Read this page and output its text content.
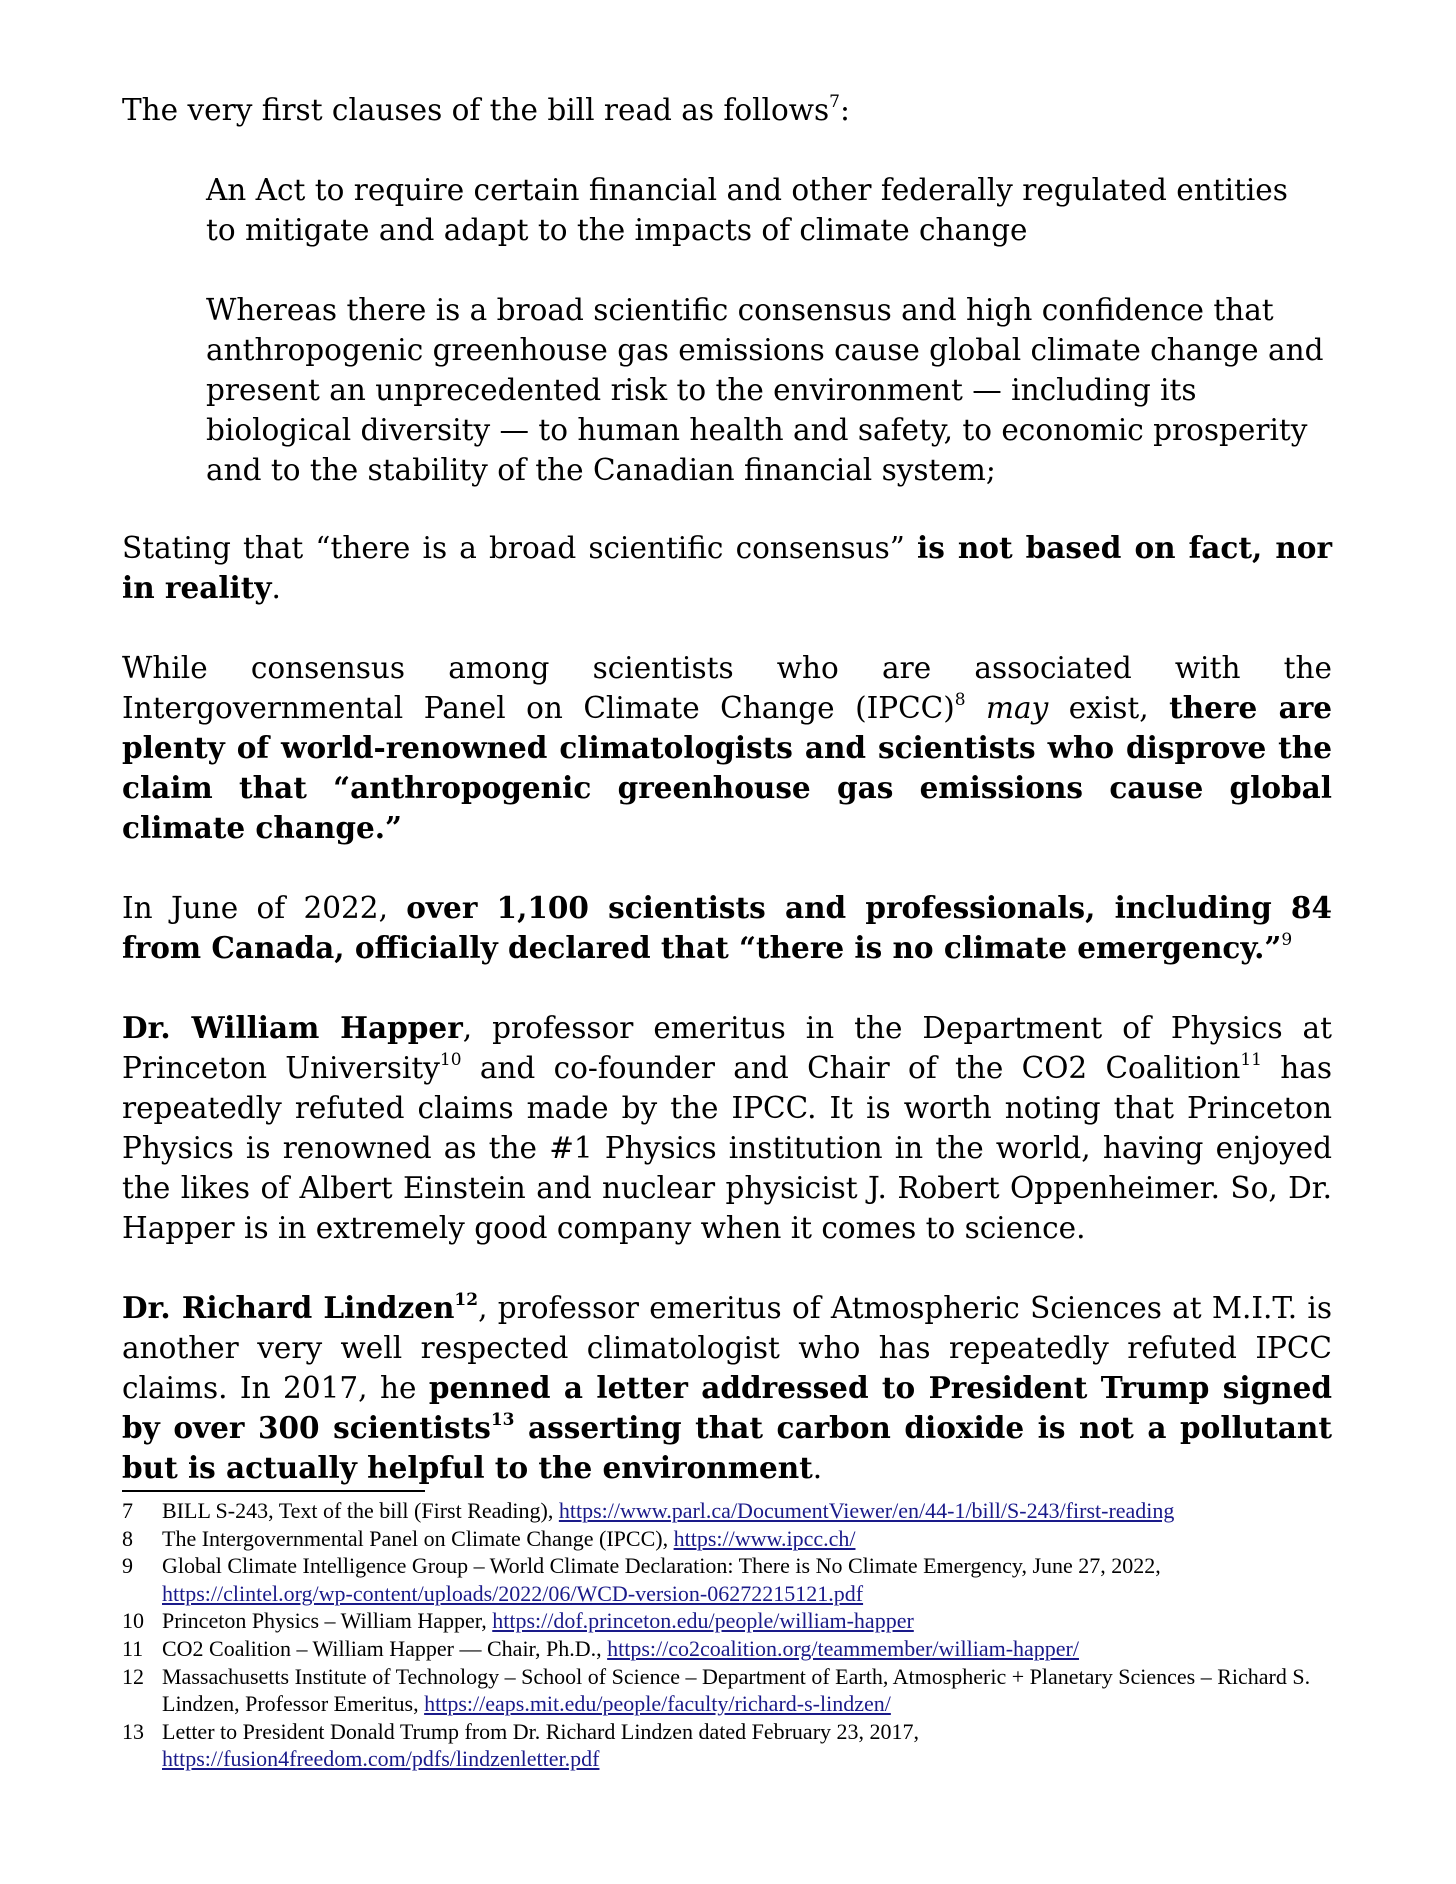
The very first clauses of the bill read as follows$^7$:

An Act to require certain financial and other federally regulated entities
to mitigate and adapt to the impacts of climate change
Whereas there is a broad scientific consensus and high confidence that
anthropogenic greenhouse gas emissions cause global climate change and
present an unprecedented risk to the environment — including its
biological diversity — to human health and safety, to economic prosperity
and to the stability of the Canadian financial system;

Stating that “there is a broad scientific consensus” is not based on fact, nor in reality.

While consensus among scientists who are associated with the Intergovernmental Panel on Climate Change (IPCC)$^8$ may exist, there are plenty of world-renowned climatologists and scientists who disprove the claim that “anthropogenic greenhouse gas emissions cause global climate change.”

In June of 2022, over 1,100 scientists and professionals, including 84 from Canada, officially declared that “there is no climate emergency.”$^9$

Dr. William Happer, professor emeritus in the Department of Physics at Princeton University$^{10}$ and co-founder and Chair of the CO2 Coalition$^{11}$ has repeatedly refuted claims made by the IPCC. It is worth noting that Princeton Physics is renowned as the #1 Physics institution in the world, having enjoyed the likes of Albert Einstein and nuclear physicist J. Robert Oppenheimer. So, Dr. Happer is in extremely good company when it comes to science.

Dr. Richard Lindzen$^{12}$, professor emeritus of Atmospheric Sciences at M.I.T. is another very well respected climatologist who has repeatedly refuted IPCC claims. In 2017, he penned a letter addressed to President Trump signed by over 300 scientists$^{13}$ asserting that carbon dioxide is not a pollutant but is actually helpful to the environment.

7	BILL S-243, Text of the bill (First Reading), https://www.parl.ca/DocumentViewer/en/44-1/bill/S-243/first-reading
8	The Intergovernmental Panel on Climate Change (IPCC), https://www.ipcc.ch/
9	Global Climate Intelligence Group – World Climate Declaration: There is No Climate Emergency, June 27, 2022,
https://clintel.org/wp-content/uploads/2022/06/WCD-version-06272215121.pdf
10 Princeton Physics – William Happer, https://dof.princeton.edu/people/william-happer
11 CO2 Coalition – William Happer — Chair, Ph.D., https://co2coalition.org/teammember/william-happer/
12 Massachusetts Institute of Technology – School of Science – Department of Earth, Atmospheric + Planetary Sciences – Richard S. Lindzen, Professor Emeritus, https://eaps.mit.edu/people/faculty/richard-s-lindzen/
13 Letter to President Donald Trump from Dr. Richard Lindzen dated February 23, 2017,
https://fusion4freedom.com/pdfs/lindzenletter.pdf
